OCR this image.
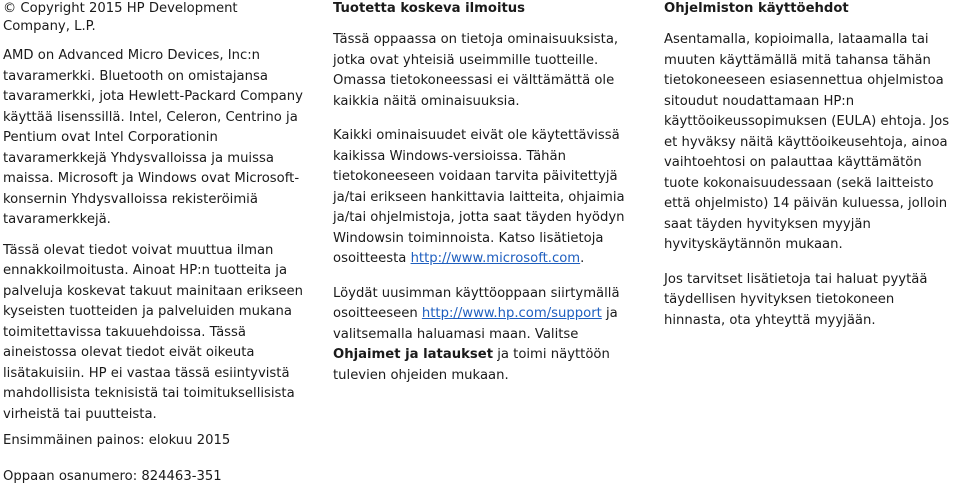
© Copyright 2015 HP Development Company, L.P.

AMD on Advanced Micro Devices, Inc:n tavaramerkki. Bluetooth on omistajansa tavaramerkki, jota Hewlett-Packard Company käyttää lisenssillä. Intel, Celeron, Centrino ja Pentium ovat Intel Corporationin tavaramerkkejä Yhdysvalloissa ja muissa maissa. Microsoft ja Windows ovat Microsoft-konsernin Yhdysvalloissa rekisteröimiä tavaramerkkejä.

Tässä olevat tiedot voivat muuttua ilman ennakkoilmoitusta. Ainoat HP:n tuotteita ja palveluja koskevat takuut mainitaan erikseen kyseisten tuotteiden ja palveluiden mukana toimitettavissa takuuehdoissa. Tässä aineistossa olevat tiedot eivät oikeuta lisätakuisiin. HP ei vastaa tässä esiintyvistä mahdollisista teknisistä tai toimituksellisista virheistä tai puutteista.

Tuotetta koskeva ilmoitus

Tässä oppaassa on tietoja ominaisuuksista, jotka ovat yhteisiä useimmille tuotteille. Omassa tietokoneessasi ei välttämättä ole kaikkia näitä ominaisuuksia.

Kaikki ominaisuudet eivät ole käytettävissä kaikissa Windows-versioissa. Tähän tietokoneeseen voidaan tarvita päivitettyjä ja/tai erikseen hankittavia laitteita, ohjaimia ja/tai ohjelmistoja, jotta saat täyden hyödyn Windowsin toiminnoista. Katso lisätietoja osoitteesta http://www.microsoft.com.

Löydät uusimman käyttöoppaan siirtymällä osoitteeseen http://www.hp.com/support ja valitsemalla haluamasi maan. Valitse Ohjaimet ja lataukset ja toimi näyttöön tulevien ohjeiden mukaan.

Ohjelmiston käyttöehdot

Asentamalla, kopioimalla, lataamalla tai muuten käyttämällä mitä tahansa tähän tietokoneeseen esiasennettua ohjelmistoa sitoudut noudattamaan HP:n käyttöoikeussopimuksen (EULA) ehtoja. Jos et hyväksy näitä käyttöoikeusehtoja, ainoa vaihtoehtosi on palauttaa käyttämätön tuote kokonaisuudessaan (sekä laitteisto että ohjelmisto) 14 päivän kuluessa, jolloin saat täyden hyvityksen myyjän hyvityskäytännön mukaan.

Jos tarvitset lisätietoja tai haluat pyytää täydellisen hyvityksen tietokoneen hinnasta, ota yhteyttä myyjään.

Ensimmäinen painos: elokuu 2015

Oppaan osanumero: 824463-351
